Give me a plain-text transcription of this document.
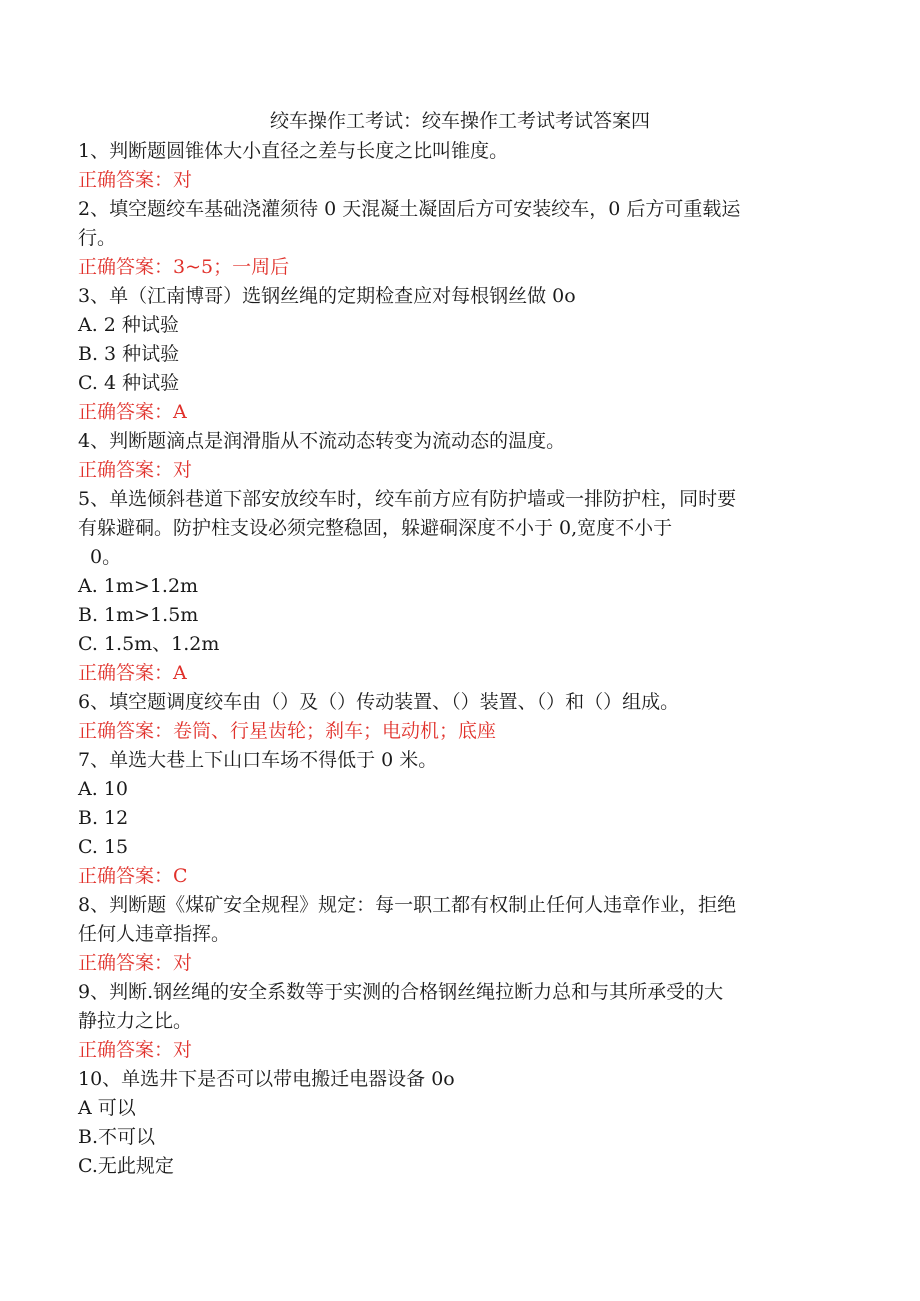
绞车操作工考试：绞车操作工考试考试答案四

1、判断题圆锥体大小直径之差与长度之比叫锥度。

正确答案：对

2、填空题绞车基础浇灌须待 0 天混凝土凝固后方可安装绞车，0 后方可重载运

行。

正确答案：3~5；一周后

3、单（江南博哥）选钢丝绳的定期检查应对每根钢丝做 0o

A. 2 种试验

B. 3 种试验

C. 4 种试验

正确答案：A

4、判断题滴点是润滑脂从不流动态转变为流动态的温度。

正确答案：对

5、单选倾斜巷道下部安放绞车时，绞车前方应有防护墙或一排防护柱，同时要

有躲避硐。防护柱支设必须完整稳固，躲避硐深度不小于 0,宽度不小于

0。

A. 1m>1.2m

B. 1m>1.5m

C. 1.5m、1.2m

正确答案：A

6、填空题调度绞车由（）及（）传动装置、（）装置、（）和（）组成。

正确答案：卷筒、行星齿轮；刹车；电动机；底座

7、单选大巷上下山口车场不得低于 0 米。

A. 10

B. 12

C. 15

正确答案：C

8、判断题《煤矿安全规程》规定：每一职工都有权制止任何人违章作业，拒绝

任何人违章指挥。

正确答案：对

9、判断.钢丝绳的安全系数等于实测的合格钢丝绳拉断力总和与其所承受的大

静拉力之比。

正确答案：对

10、单选井下是否可以带电搬迁电器设备 0o

A 可以

B.不可以

C.无此规定
